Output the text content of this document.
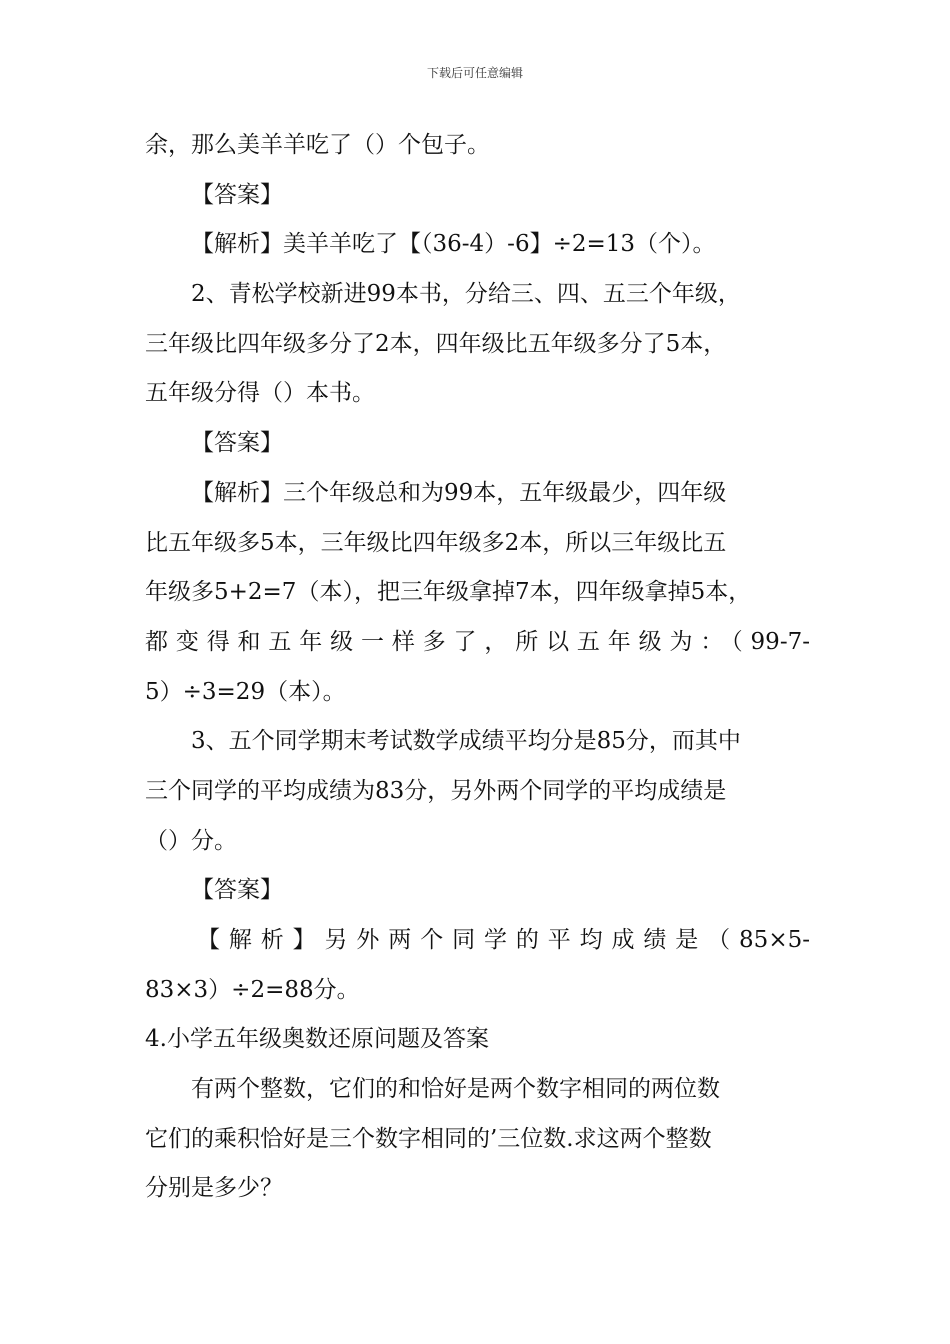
下载后可任意编辑
余，那么美羊羊吃了（）个包子。
【答案】
【解析】美羊羊吃了【（36-4）-6】÷2=13（个）。
2、青松学校新进99本书，分给三、四、五三个年级，
三年级比四年级多分了2本，四年级比五年级多分了5本，
五年级分得（）本书。
【答案】
【解析】三个年级总和为99本，五年级最少，四年级
比五年级多5本，三年级比四年级多2本，所以三年级比五
年级多5+2=7（本），把三年级拿掉7本，四年级拿掉5本，
都变得和五年级一样多了，所以五年级为：（99-7-
5）÷3=29（本）。
3、五个同学期末考试数学成绩平均分是85分，而其中
三个同学的平均成绩为83分，另外两个同学的平均成绩是
（）分。
【答案】
【解析】另外两个同学的平均成绩是（85×5-
83×3）÷2=88分。
4.小学五年级奥数还原问题及答案
有两个整数，它们的和恰好是两个数字相同的两位数
它们的乘积恰好是三个数字相同的’三位数.求这两个整数
分别是多少？
